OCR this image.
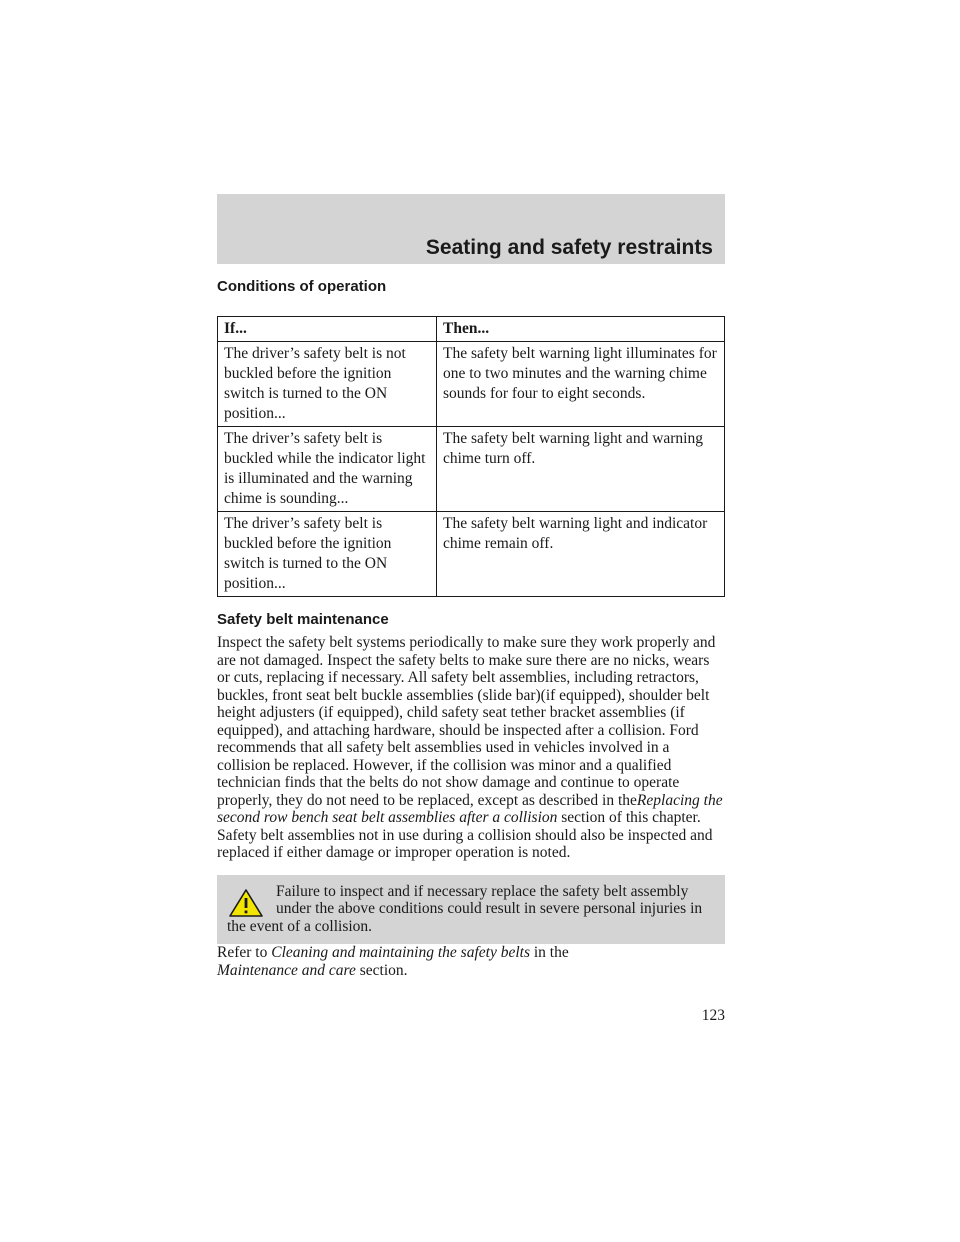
Seating and safety restraints
Conditions of operation
If...	Then...
The driver’s safety belt is not buckled before the ignition switch is turned to the ON position...	The safety belt warning light illuminates for one to two minutes and the warning chime sounds for four to eight seconds.
The driver’s safety belt is buckled while the indicator light is illuminated and the warning chime is sounding...	The safety belt warning light and warning chime turn off.
The driver’s safety belt is buckled before the ignition switch is turned to the ON position...	The safety belt warning light and indicator chime remain off.
Safety belt maintenance

Inspect the safety belt systems periodically to make sure they work properly and are not damaged. Inspect the safety belts to make sure there are no nicks, wears or cuts, replacing if necessary. All safety belt assemblies, including retractors, buckles, front seat belt buckle assemblies (slide bar)(if equipped), shoulder belt height adjusters (if equipped), child safety seat tether bracket assemblies (if equipped), and attaching hardware, should be inspected after a collision. Ford recommends that all safety belt assemblies used in vehicles involved in a collision be replaced. However, if the collision was minor and a qualified technician finds that the belts do not show damage and continue to operate properly, they do not need to be replaced, except as described in theReplacing the second row bench seat belt assemblies after a collision section of this chapter. Safety belt assemblies not in use during a collision should also be inspected and replaced if either damage or improper operation is noted.

Failure to inspect and if necessary replace the safety belt assembly under the above conditions could result in severe personal injuries in the event of a collision.

Refer to Cleaning and maintaining the safety belts in the
Maintenance and care section.

123
